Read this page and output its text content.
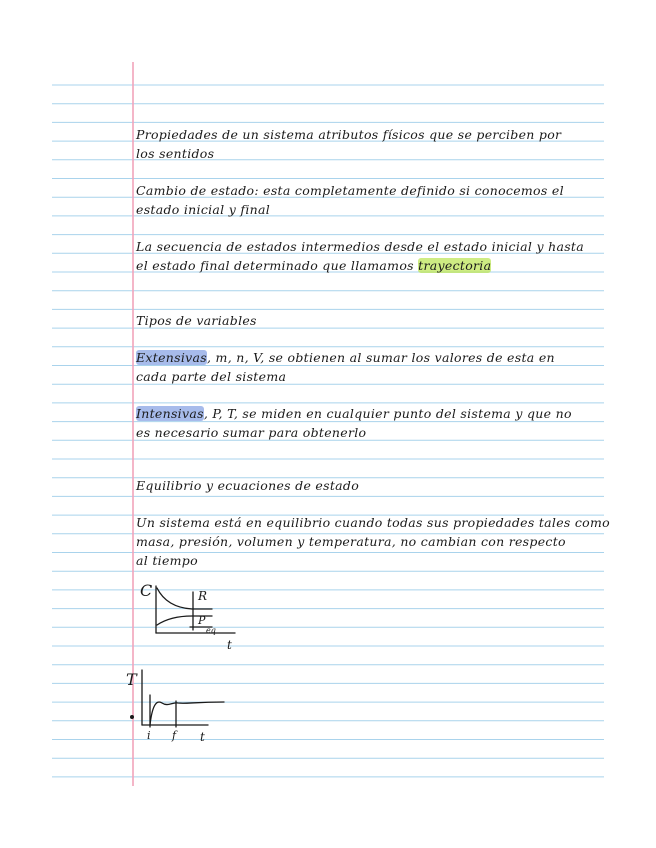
Propiedades de un sistema atributos físicos que se perciben por

los sentidos

Cambio de estado: esta completamente definido si conocemos el

estado inicial y final

La secuencia de estados intermedios desde el estado inicial y hasta

el estado final determinado que llamamos trayectoria

Tipos de variables

Extensivas, m, n, V, se obtienen al sumar los valores de esta en

cada parte del sistema

Intensivas, P, T, se miden en cualquier punto del sistema y que no

es necesario sumar para obtenerlo

Equilibrio y ecuaciones de estado

Un sistema está en equilibrio cuando todas sus propiedades tales como

masa, presión, volumen y temperatura, no cambian con respecto

al tiempo

C	R
P
eq
t
T
i f t
